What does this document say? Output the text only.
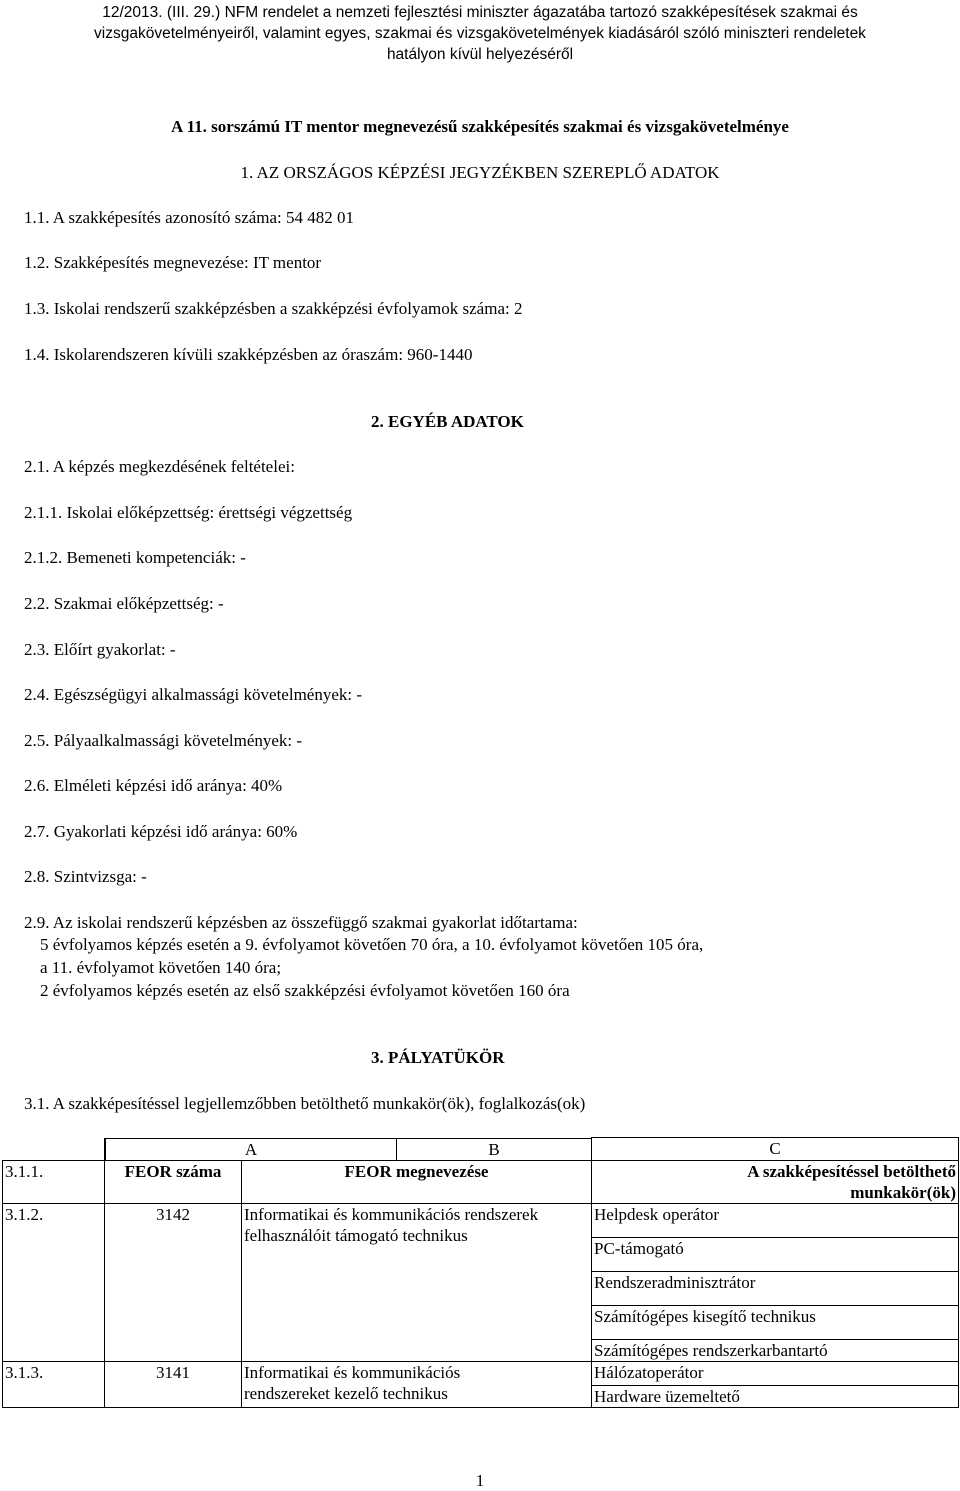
12/2013. (III. 29.) NFM rendelet a nemzeti fejlesztési miniszter ágazatába tartozó szakképesítések szakmai és
vizsgakövetelményeiről, valamint egyes, szakmai és vizsgakövetelmények kiadásáról szóló miniszteri rendeletek
hatályon kívül helyezéséről
A 11. sorszámú IT mentor megnevezésű szakképesítés szakmai és vizsgakövetelménye
1. AZ ORSZÁGOS KÉPZÉSI JEGYZÉKBEN SZEREPLŐ ADATOK
1.1. A szakképesítés azonosító száma: 54 482 01
1.2. Szakképesítés megnevezése: IT mentor
1.3. Iskolai rendszerű szakképzésben a szakképzési évfolyamok száma: 2
1.4. Iskolarendszeren kívüli szakképzésben az óraszám: 960-1440
2. EGYÉB ADATOK
2.1. A képzés megkezdésének feltételei:
2.1.1. Iskolai előképzettség: érettségi végzettség
2.1.2. Bemeneti kompetenciák: -
2.2. Szakmai előképzettség: -
2.3. Előírt gyakorlat: -
2.4. Egészségügyi alkalmassági követelmények: -
2.5. Pályaalkalmassági követelmények: -
2.6. Elméleti képzési idő aránya: 40%
2.7. Gyakorlati képzési idő aránya: 60%
2.8. Szintvizsga: -
2.9. Az iskolai rendszerű képzésben az összefüggő szakmai gyakorlat időtartama:
5 évfolyamos képzés esetén a 9. évfolyamot követően 70 óra, a 10. évfolyamot követően 105 óra,
a 11. évfolyamot követően 140 óra;
2 évfolyamos képzés esetén az első szakképzési évfolyamot követően 160 óra
3. PÁLYATÜKÖR
3.1. A szakképesítéssel legjellemzőbben betölthető munkakör(ök), foglalkozás(ok)

	A B		C
3.1.1.	FEOR száma	FEOR megnevezése	A szakképesítéssel betölthető
munkakör(ök)

3.1.2.	3142	Informatikai és kommunikációs rendszerek
felhasználóit támogató technikus	Helpdesk operátor
PC-támogató
Rendszeradminisztrátor
Számítógépes kisegítő technikus
Számítógépes rendszerkarbantartó

3.1.3.	3141	Informatikai és kommunikációs
rendszereket kezelő technikus	Hálózatoperátor
Hardware üzemeltető
1
